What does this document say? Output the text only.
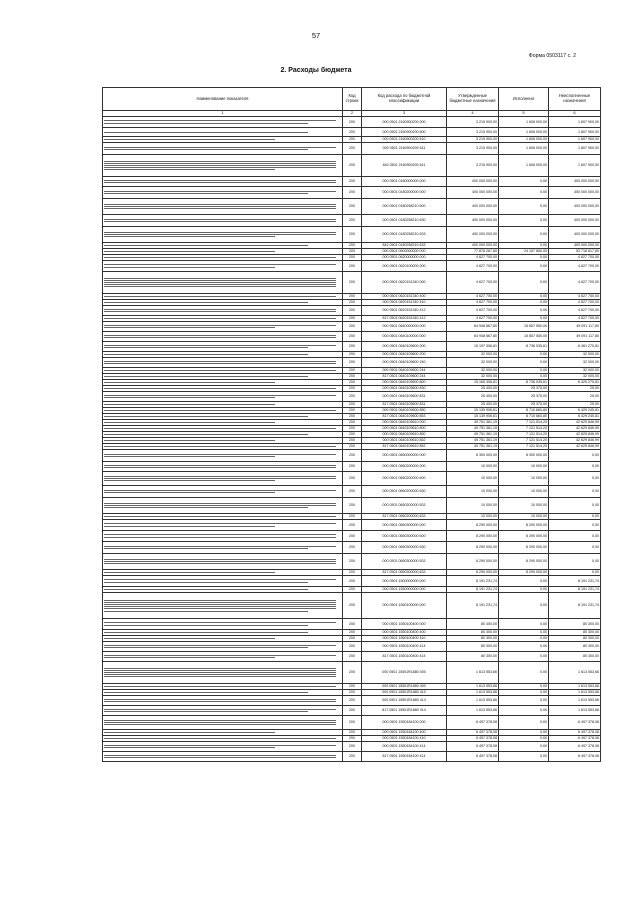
57
Форма 0503117 с. 2
2. Расходы бюджета
Наименование показателя	Код строки	Код расхода по бюджетной классификации	Утвержденные бюджетные назначения	Исполнено	Неисполненные назначения
1	2	3	4	5	6

	200	000 0501 2160900200 000	3 215 900,00	1 608 000,00	1 607 900,00

	200	000 0501 2160900200 600	3 215 900,00	1 608 000,00	1 607 900,00

	200	000 0501 2160900200 610	3 215 900,00	1 608 000,00	1 607 900,00

	200	000 0501 2160900200 611	3 215 900,00	1 608 000,00	1 607 900,00

	200	842 0501 2160900200 611	3 215 900,00	1 608 000,00	1 607 900,00

	200	000 0501 0180000000 000	400 000 000,00	0,00	400 000 000,00

	200	000 0501 0180200000 000	400 000 000,00	0,00	400 000 000,00

	200	000 0501 0180258210 600	400 000 000,00	0,00	400 000 000,00

	200	000 0501 0180258210 630	400 000 000,00	0,00	400 000 000,00

	200	000 0501 0180258210 633	400 000 000,00	0,00	400 000 000,00

	200	842 0501 0180258210 633	400 000 000,00	0,00	400 000 000,00

	200	000 0501 0500000000 000	77 878 267,80	24 157 850,00	53 718 817,80

	200	000 0501 0620000000 000	4 627 700,00	0,00	4 627 700,00

	200	000 0501 0620100000 000	4 627 700,00	0,00	4 627 700,00

	200	000 0501 0620151340 000	4 627 700,00	0,00	4 627 700,00

	200	000 0501 0620151340 400	4 627 700,00	0,00	4 627 700,00

	200	000 0501 0620151340 410	4 627 700,00	0,00	4 627 700,00

	200	000 0501 0620151340 412	4 627 700,00	0,00	4 627 700,00

	200	817 0501 0620151340 412	4 627 700,00	0,00	4 627 700,00

	200	000 0501 0640000000 000	64 948 667,80	15 857 550,00	49 091 117,80

	200	000 0501 0640100000 000	64 948 667,80	15 857 550,00	49 091 117,80

	200	000 0501 0640109600 000	15 197 306,81	8 736 035,61	6 461 270,81

	200	000 0501 0640109600 200	32 000,00	0,00	32 000,00

	200	000 0501 0640109600 240	32 000,00	0,00	32 000,00

	200	000 0501 0640109600 244	32 000,00	0,00	32 000,00

	200	817 0501 0640109600 244	32 000,00	0,00	32 000,00

	200	000 0501 0640109600 800	15 165 306,81	8 736 035,61	6 429 270,81

	200	000 0501 0640109600 830	25 400,00	25 375,00	25,00

	200	000 0501 0640109600 831	25 400,00	25 375,00	25,00

	200	817 0501 0640109600 831	25 400,00	25 375,00	25,00

	200	000 0501 0640109600 850	15 139 906,61	8 710 660,80	6 429 245,81

	200	817 0501 0640109600 853	15 139 906,61	8 710 660,80	6 429 245,81

	200	000 0501 0640109610 000	49 751 361,19	7 121 514,20	42 629 846,99

	200	000 0501 0640109610 800	49 751 361,19	7 121 514,20	42 629 846,99

	200	000 0501 0640109610 850	49 751 361,19	7 121 514,20	42 629 846,99

	200	000 0501 0640109610 852	49 751 361,19	7 121 514,20	42 629 846,99

	200	817 0501 0640109610 852	49 751 361,19	7 121 514,20	42 629 846,99

	200	000 0501 0650000000 000	8 300 000,00	8 300 000,00	0,00

	200	000 0501 0650200000 000	10 000,00	10 000,00	0,00

	200	000 0501 0650200000 600	10 000,00	10 000,00	0,00

	200	000 0501 0650200000 630	10 000,00	10 000,00	0,00

	200	000 0501 0650200000 633	10 000,00	10 000,00	0,00

	200	817 0501 0650200000 633	10 000,00	10 000,00	0,00

	200	000 0501 0650300000 000	8 290 000,00	8 290 000,00	0,00

	200	000 0501 0650300000 600	8 290 000,00	8 290 000,00	0,00

	200	000 0501 0650300000 630	8 290 000,00	8 290 000,00	0,00

	200	000 0501 0650300000 633	8 290 000,00	8 290 000,00	0,00

	200	817 0501 0650300000 633	8 290 000,00	8 290 000,00	0,00

	200	000 0501 1500000000 000	8 191 231,74	0,00	8 191 231,74

	200	000 0501 1550000000 000	8 191 231,74	0,00	8 191 231,74

	200	000 0501 1550100000 000	8 191 231,74	0,00	8 191 231,74

	200	000 0501 1550100400 000	80 300,00	0,00	80 300,00

	200	000 0501 1550100400 400	80 300,00	0,00	80 300,00

	200	000 0501 1550100400 410	80 300,00	0,00	80 300,00

	200	000 0501 1550100400 414	80 300,00	0,00	80 300,00

	200	817 0501 1550100400 414	80 300,00	0,00	80 300,00

	200	000 0501 15501R1880 000	1 613 553,66	0,00	1 613 553,66

	200	000 0501 15501R1880 400	1 613 553,66	0,00	1 613 553,66

	200	000 0501 15501R1880 410	1 613 553,66	0,00	1 613 553,66

	200	000 0501 15501R1880 414	1 613 553,66	0,00	1 613 553,66

	200	817 0501 15501R1880 414	1 613 553,66	0,00	1 613 553,66

	200	000 0501 1550184100 000	6 497 378,08	0,00	6 497 378,08

	200	000 0501 1550184100 400	6 497 378,08	0,00	6 497 378,08

	200	000 0501 1550184100 410	6 497 378,08	0,00	6 497 378,08

	200	000 0501 1550184100 414	6 497 378,08	0,00	6 497 378,08

	200	817 0501 1550184100 414	6 497 378,08	0,00	6 497 378,08
